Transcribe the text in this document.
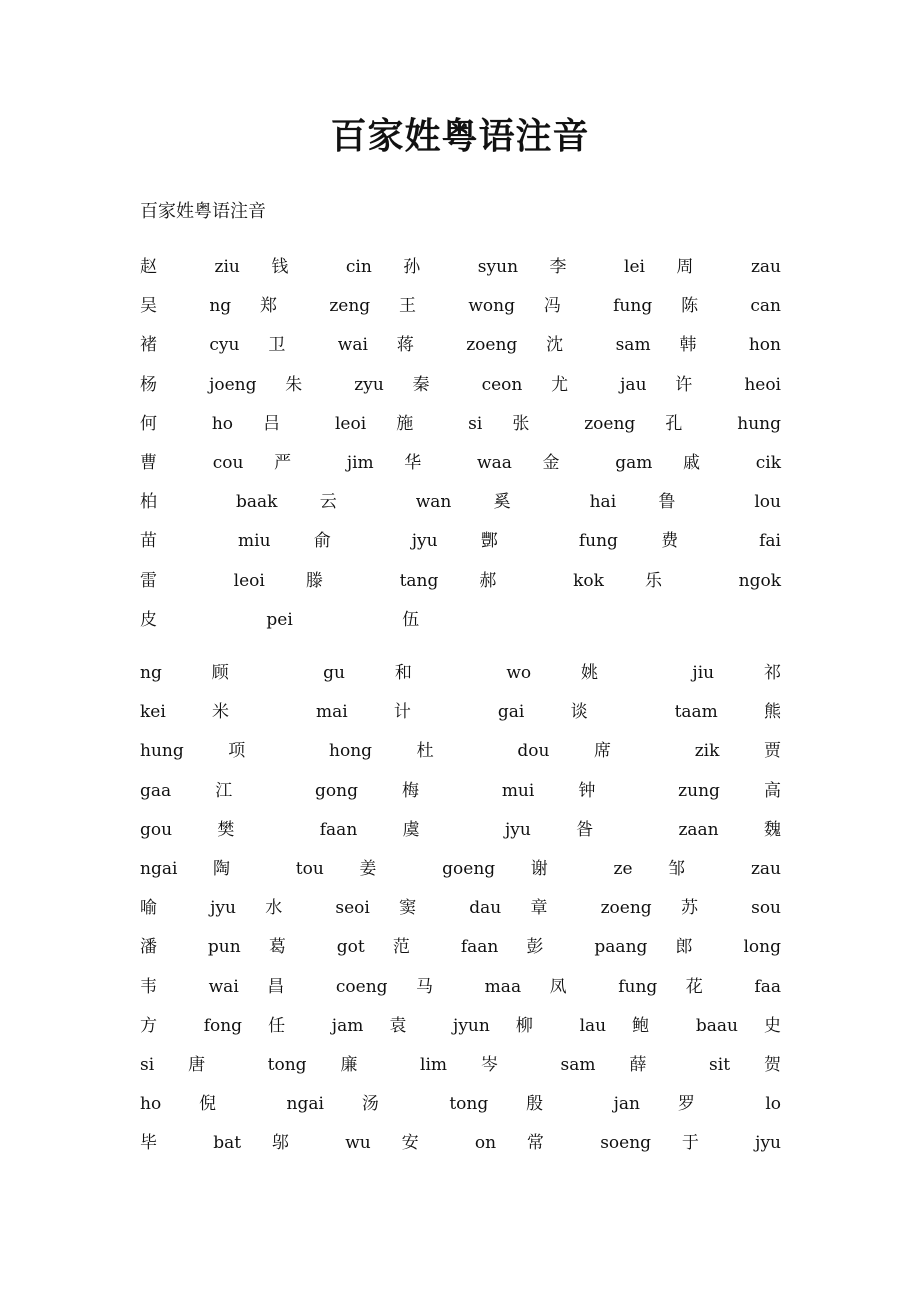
百家姓粤语注音

百家姓粤语注音

赵 ziu 钱 cin 孙 syun 李 lei 周 zau
吴 ng 郑 zeng 王 wong 冯 fung 陈 can
褚 cyu 卫 wai 蒋 zoeng 沈 sam 韩 hon
杨 joeng 朱 zyu 秦 ceon 尤 jau 许 heoi
何 ho 吕 leoi 施 si 张 zoeng 孔 hung
曹 cou 严 jim 华 waa 金 gam 戚 cik
柏 baak 云 wan 奚 hai 鲁 lou
苗 miu 俞 jyu 酆 fung 费 fai
雷 leoi 滕 tang 郝 kok 乐 ngok
皮 pei 伍
ng 顾 gu 和 wo 姚 jiu 祁
kei 米 mai 计 gai 谈 taam 熊
hung 项 hong 杜 dou 席 zik 贾
gaa 江 gong 梅 mui 钟 zung 高
gou 樊 faan 虞 jyu 昝 zaan 魏
ngai 陶 tou 姜 goeng 谢 ze 邹 zau
喻 jyu 水 seoi 窦 dau 章 zoeng 苏 sou
潘 pun 葛 got 范 faan 彭 paang 郎 long
韦 wai 昌 coeng 马 maa 凤 fung 花 faa
方 fong 任 jam 袁 jyun 柳 lau 鲍 baau 史
si 唐 tong 廉 lim 岑 sam 薛 sit 贺
ho 倪 ngai 汤 tong 殷 jan 罗 lo
毕 bat 邬 wu 安 on 常 soeng 于 jyu
